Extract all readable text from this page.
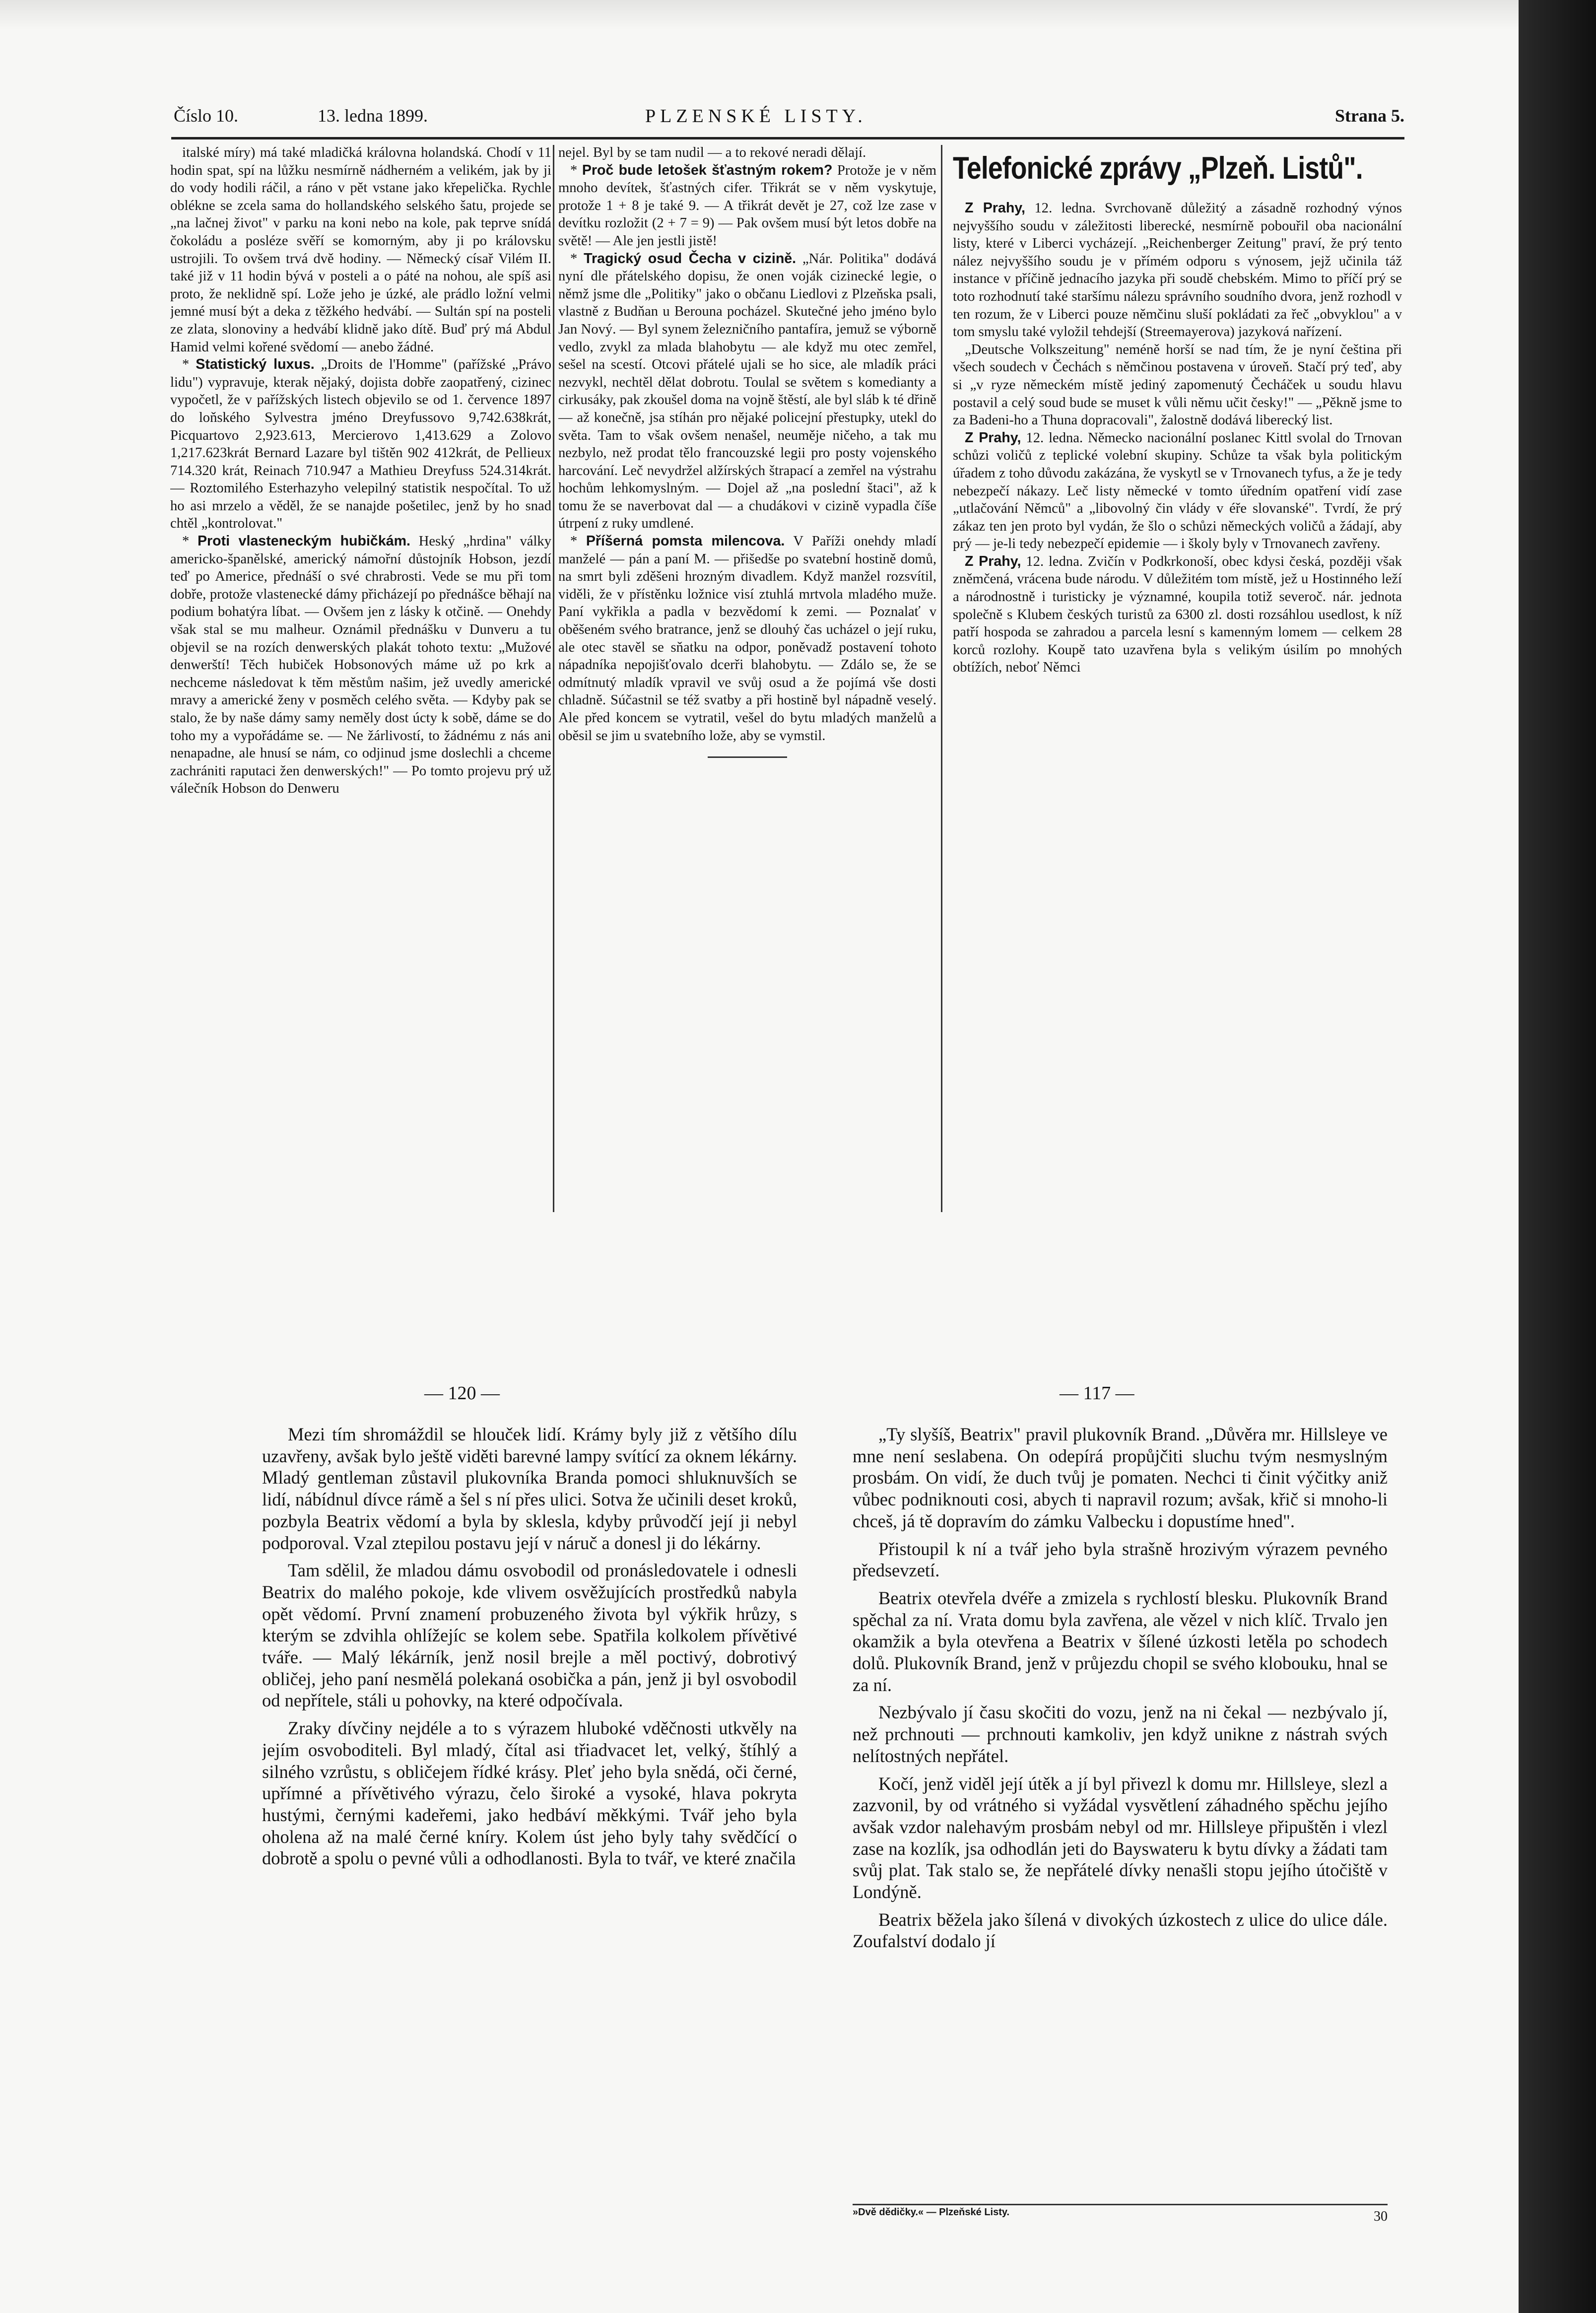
Číslo 10.	13. ledna 1899.	PLZENSKÉ LISTY.	Strana 5.

italské míry) má také mladičká královna holandská. Chodí v 11 hodin spat, spí na lůžku nesmírně nádherném a velikém, jak by ji do vody hodili ráčil, a ráno v pět vstane jako křepelička. Rychle oblékne se zcela sama do hollandského selského šatu, projede se „na lačnej život" v parku na koni nebo na kole, pak teprve snídá čokoládu a posléze svěří se komorným, aby ji po královsku ustrojili. To ovšem trvá dvě hodiny. — Německý císař Vilém II. také již v 11 hodin bývá v posteli a o páté na nohou, ale spíš asi proto, že neklidně spí. Lože jeho je úzké, ale prádlo ložní velmi jemné musí být a deka z těžkého hedvábí. — Sultán spí na posteli ze zlata, slonoviny a hedvábí klidně jako dítě. Buď prý má Abdul Hamid velmi kořené svědomí — anebo žádné.

* Statistický luxus. „Droits de l'Homme" (pařížské „Právo lidu") vypravuje, kterak nějaký, dojista dobře zaopatřený, cizinec vypočetl, že v pařížských listech objevilo se od 1. července 1897 do loňského Sylvestra jméno Dreyfussovo 9,742.638krát, Picquartovo 2,923.613, Mercierovo 1,413.629 a Zolovo 1,217.623krát Bernard Lazare byl tištěn 902 412krát, de Pellieux 714.320 krát, Reinach 710.947 a Mathieu Dreyfuss 524.314krát. — Roztomilého Esterhazyho velepilný statistik nespočítal. To už ho asi mrzelo a věděl, že se nanajde pošetilec, jenž by ho snad chtěl „kontrolovat."

* Proti vlasteneckým hubičkám. Heský „hrdina" války americko-španělské, americký námořní důstojník Hobson, jezdí teď po Americe, přednáší o své chrabrosti. Vede se mu při tom dobře, protože vlastenecké dámy přicházejí po přednášce běhají na podium bohatýra líbat. — Ovšem jen z lásky k otčině. — Onehdy však stal se mu malheur. Oznámil přednášku v Dunveru a tu objevil se na rozích denwerských plakát tohoto textu: „Mužové denwerští! Těch hubiček Hobsonových máme už po krk a nechceme následovat k těm městům našim, jež uvedly americké mravy a americké ženy v posměch celého světa. — Kdyby pak se stalo, že by naše dámy samy neměly dost úcty k sobě, dáme se do toho my a vypořádáme se. — Ne žárlivostí, to žádnému z nás ani nenapadne, ale hnusí se nám, co odjinud jsme doslechli a chceme zachrániti raputaci žen denwerských!" — Po tomto projevu prý už válečník Hobson do Denweru

nejel. Byl by se tam nudil — a to rekové neradi dělají.

* Proč bude letošek šťastným rokem? Protože je v něm mnoho devítek, šťastných cifer. Třikrát se v něm vyskytuje, protože 1 + 8 je také 9. — A třikrát devět je 27, což lze zase v devítku rozložit (2 + 7 = 9) — Pak ovšem musí být letos dobře na světě! — Ale jen jestli jistě!

* Tragický osud Čecha v cizině. „Nár. Politika" dodává nyní dle přátelského dopisu, že onen voják cizinecké legie, o němž jsme dle „Politiky" jako o občanu Liedlovi z Plzeňska psali, vlastně z Budňan u Berouna pocházel. Skutečné jeho jméno bylo Jan Nový. — Byl synem železničního pantafíra, jemuž se výborně vedlo, zvykl za mlada blahobytu — ale když mu otec zemřel, sešel na scestí. Otcovi přátelé ujali se ho sice, ale mladík práci nezvykl, nechtěl dělat dobrotu. Toulal se světem s komedianty a cirkusáky, pak zkoušel doma na vojně štěstí, ale byl sláb k té dřině — až konečně, jsa stíhán pro nějaké policejní přestupky, utekl do světa. Tam to však ovšem nenašel, neuměje ničeho, a tak mu nezbylo, než prodat tělo francouzské legii pro posty vojenského harcování. Leč nevydržel alžírských štrapací a zemřel na výstrahu hochům lehkomyslným. — Dojel až „na poslední štaci", až k tomu že se naverbovat dal — a chudákovi v cizině vypadla číše útrpení z ruky umdlené.

* Příšerná pomsta milencova. V Paříži onehdy mladí manželé — pán a paní M. — přišedše po svatební hostině domů, na smrt byli zděšeni hrozným divadlem. Když manžel rozsvítil, viděli, že v přístěnku ložnice visí ztuhlá mrtvola mladého muže. Paní vykřikla a padla v bezvědomí k zemi. — Poznalať v oběšeném svého bratrance, jenž se dlouhý čas ucházel o její ruku, ale otec stavěl se sňatku na odpor, poněvadž postavení tohoto nápadníka nepojišťovalo dcerři blahobytu. — Zdálo se, že se odmítnutý mladík vpravil ve svůj osud a že pojímá vše dosti chladně. Súčastnil se též svatby a při hostině byl nápadně veselý. Ale před koncem se vytratil, vešel do bytu mladých manželů a oběsil se jim u svatebního lože, aby se vymstil.

Telefonické zprávy „Plzeň. Listů".

Z Prahy, 12. ledna. Svrchovaně důležitý a zásadně rozhodný výnos nejvyššího soudu v záležitosti liberecké, nesmírně pobouřil oba nacionální listy, které v Liberci vycházejí. „Reichenberger Zeitung" praví, že prý tento nález nejvyššího soudu je v přímém odporu s výnosem, jejž učinila táž instance v příčině jednacího jazyka při soudě chebském. Mimo to příčí prý se toto rozhodnutí také staršímu nálezu správního soudního dvora, jenž rozhodl v ten rozum, že v Liberci pouze němčinu sluší pokládati za řeč „obvyklou" a v tom smyslu také vyložil tehdejší (Streemayerova) jazyková nařízení.

„Deutsche Volkszeitung" neméně horší se nad tím, že je nyní čeština při všech soudech v Čechách s němčinou postavena v úroveň. Stačí prý teď, aby si „v ryze německém místě jediný zapomenutý Čecháček u soudu hlavu postavil a celý soud bude se muset k vůli němu učit česky!" — „Pěkně jsme to za Badeni-ho a Thuna dopracovali", žalostně dodává liberecký list.

Z Prahy, 12. ledna. Německo nacionální poslanec Kittl svolal do Trnovan schůzi voličů z teplické volební skupiny. Schůze ta však byla politickým úřadem z toho důvodu zakázána, že vyskytl se v Trnovanech tyfus, a že je tedy nebezpečí nákazy. Leč listy německé v tomto úředním opatření vidí zase „utlačování Němců" a „libovolný čin vlády v éře slovanské". Tvrdí, že prý zákaz ten jen proto byl vydán, že šlo o schůzi německých voličů a žádají, aby prý — je-li tedy nebezpečí epidemie — i školy byly v Trnovanech zavřeny.

Z Prahy, 12. ledna. Zvičín v Podkrkonoší, obec kdysi česká, později však zněmčená, vrácena bude národu. V důležitém tom místě, jež u Hostinného leží a národnostně i turisticky je významné, koupila totiž severoč. nár. jednota společně s Klubem českých turistů za 6300 zl. dosti rozsáhlou usedlost, k níž patří hospoda se zahradou a parcela lesní s kamenným lomem — celkem 28 korců rozlohy. Koupě tato uzavřena byla s velikým úsilím po mnohých obtížích, neboť Němci

— 120 —	— 117 —

Mezi tím shromáždil se hlouček lidí. Krámy byly již z většího dílu uzavřeny, avšak bylo ještě viděti barevné lampy svítící za oknem lékárny. Mladý gentleman zůstavil plukovníka Branda pomoci shluknuvších se lidí, nábídnul dívce rámě a šel s ní přes ulici. Sotva že učinili deset kroků, pozbyla Beatrix vědomí a byla by sklesla, kdyby průvodčí její ji nebyl podporoval. Vzal ztepilou postavu její v náruč a donesl ji do lékárny.

Tam sdělil, že mladou dámu osvobodil od pronásledovatele i odnesli Beatrix do malého pokoje, kde vlivem osvěžujících prostředků nabyla opět vědomí. První znamení probuzeného života byl výkřik hrůzy, s kterým se zdvihla ohlížejíc se kolem sebe. Spatřila kolkolem přívětivé tváře. — Malý lékárník, jenž nosil brejle a měl poctivý, dobrotivý obličej, jeho paní nesmělá polekaná osobička a pán, jenž ji byl osvobodil od nepřítele, stáli u pohovky, na které odpočívala.

Zraky dívčiny nejdéle a to s výrazem hluboké vděčnosti utkvěly na jejím osvoboditeli. Byl mladý, čítal asi třiadvacet let, velký, štíhlý a silného vzrůstu, s obličejem řídké krásy. Pleť jeho byla snědá, oči černé, upřímné a přívětivého výrazu, čelo široké a vysoké, hlava pokryta hustými, černými kadeřemi, jako hedbáví měkkými. Tvář jeho byla oholena až na malé černé kníry. Kolem úst jeho byly tahy svědčící o dobrotě a spolu o pevné vůli a odhodlanosti. Byla to tvář, ve které značila

„Ty slyšíš, Beatrix" pravil plukovník Brand. „Důvěra mr. Hillsleye ve mne není seslabena. On odepírá propůjčiti sluchu tvým nesmyslným prosbám. On vidí, že duch tvůj je pomaten. Nechci ti činit výčitky aniž vůbec podniknouti cosi, abych ti napravil rozum; avšak, křič si mnoho-li chceš, já tě dopravím do zámku Valbecku i dopustíme hned".

Přistoupil k ní a tvář jeho byla strašně hrozivým výrazem pevného předsevzetí.

Beatrix otevřela dvéře a zmizela s rychlostí blesku. Plukovník Brand spěchal za ní. Vrata domu byla zavřena, ale vězel v nich klíč. Trvalo jen okamžik a byla otevřena a Beatrix v šílené úzkosti letěla po schodech dolů. Plukovník Brand, jenž v průjezdu chopil se svého klobouku, hnal se za ní.

Nezbývalo jí času skočiti do vozu, jenž na ni čekal — nezbývalo jí, než prchnouti — prchnouti kamkoliv, jen když unikne z nástrah svých nelítostných nepřátel.

Kočí, jenž viděl její útěk a jí byl přivezl k domu mr. Hillsleye, slezl a zazvonil, by od vrátného si vyžádal vysvětlení záhadného spěchu jejího avšak vzdor nalehavým prosbám nebyl od mr. Hillsleye připuštěn i vlezl zase na kozlík, jsa odhodlán jeti do Bayswateru k bytu dívky a žádati tam svůj plat. Tak stalo se, že nepřátelé dívky nenašli stopu jejího útočiště v Londýně.

Beatrix běžela jako šílená v divokých úzkostech z ulice do ulice dále. Zoufalství dodalo jí

»Dvě dědičky.« — Plzeňské Listy.	30
